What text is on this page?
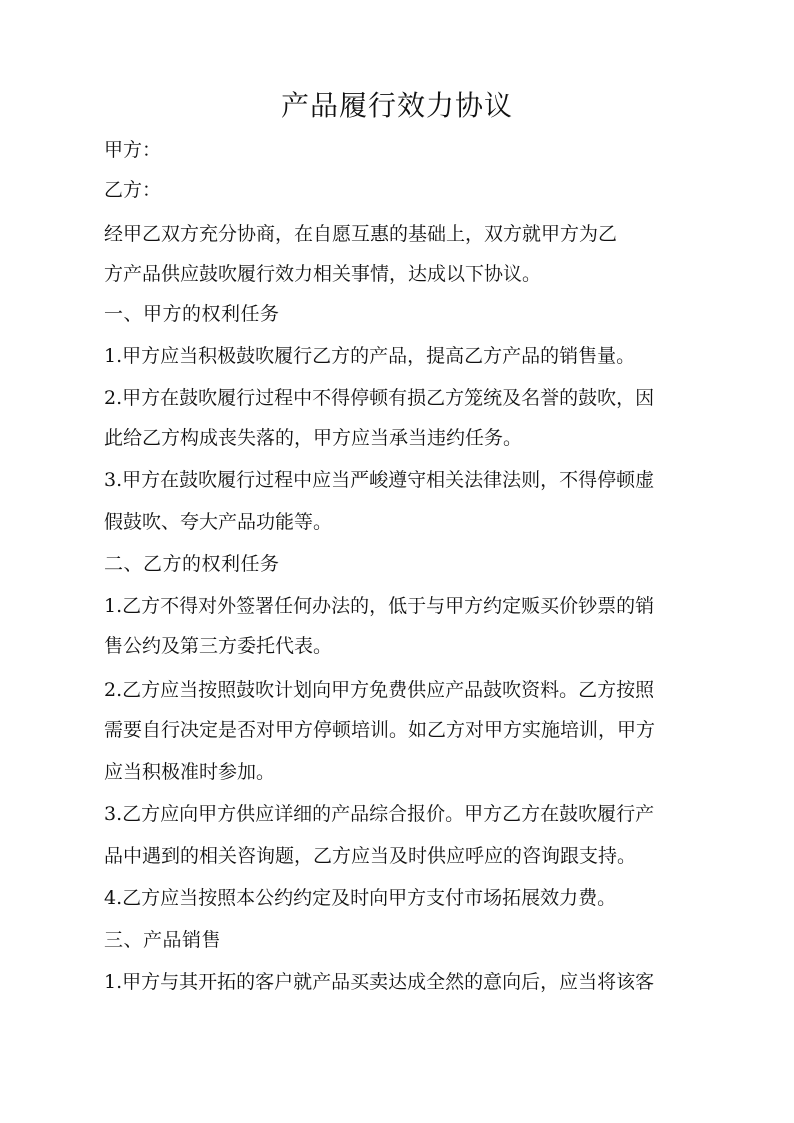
产品履行效力协议
甲方：
乙方：
经甲乙双方充分协商，在自愿互惠的基础上，双方就甲方为乙
方产品供应鼓吹履行效力相关事情，达成以下协议。
一、甲方的权利任务
1.甲方应当积极鼓吹履行乙方的产品，提高乙方产品的销售量。
2.甲方在鼓吹履行过程中不得停顿有损乙方笼统及名誉的鼓吹，因
此给乙方构成丧失落的，甲方应当承当违约任务。
3.甲方在鼓吹履行过程中应当严峻遵守相关法律法则，不得停顿虚
假鼓吹、夸大产品功能等。
二、乙方的权利任务
1.乙方不得对外签署任何办法的，低于与甲方约定贩买价钞票的销
售公约及第三方委托代表。
2.乙方应当按照鼓吹计划向甲方免费供应产品鼓吹资料。乙方按照
需要自行决定是否对甲方停顿培训。如乙方对甲方实施培训，甲方
应当积极准时参加。
3.乙方应向甲方供应详细的产品综合报价。甲方乙方在鼓吹履行产
品中遇到的相关咨询题，乙方应当及时供应呼应的咨询跟支持。
4.乙方应当按照本公约约定及时向甲方支付市场拓展效力费。
三、产品销售
1.甲方与其开拓的客户就产品买卖达成全然的意向后，应当将该客
